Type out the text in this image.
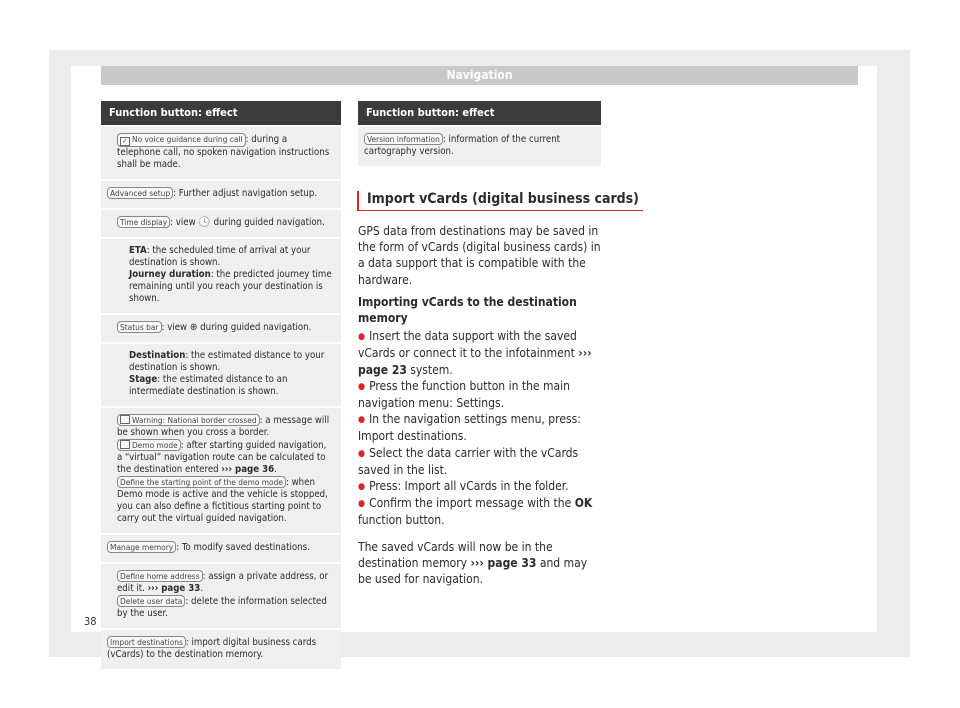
Navigation
Function button: effect
✓ No voice guidance during call : during a telephone call, no spoken navigation instructions shall be made.
Advanced setup : Further adjust navigation setup.
Time display : view 🕓 during guided navigation.
ETA: the scheduled time of arrival at your destination is shown.
Journey duration: the predicted journey time remaining until you reach your destination is shown.
Status bar : view ⊕ during guided navigation.
Destination: the estimated distance to your destination is shown.
Stage: the estimated distance to an intermediate destination is shown.
Warning: National border crossed : a message will be shown when you cross a border.
Demo mode : after starting guided navigation, a “virtual” navigation route can be calculated to the destination entered ››› page 36.
Define the starting point of the demo mode : when Demo mode is active and the vehicle is stopped, you can also define a fictitious starting point to carry out the virtual guided navigation.
Manage memory : To modify saved destinations.
Define home address : assign a private address, or edit it. ››› page 33.
Delete user data : delete the information selected by the user.
Import destinations : import digital business cards (vCards) to the destination memory.
Function button: effect
Version information : information of the current cartography version.
Import vCards (digital business cards)

GPS data from destinations may be saved in the form of vCards (digital business cards) in a data support that is compatible with the hardware.

Importing vCards to the destination memory

● Insert the data support with the saved vCards or connect it to the infotainment ››› page 23 system.
● Press the function button in the main navigation menu: Settings.
● In the navigation settings menu, press: Import destinations.
● Select the data carrier with the vCards saved in the list.
● Press: Import all vCards in the folder.
● Confirm the import message with the OK function button.

The saved vCards will now be in the destination memory ››› page 33 and may be used for navigation.

38
